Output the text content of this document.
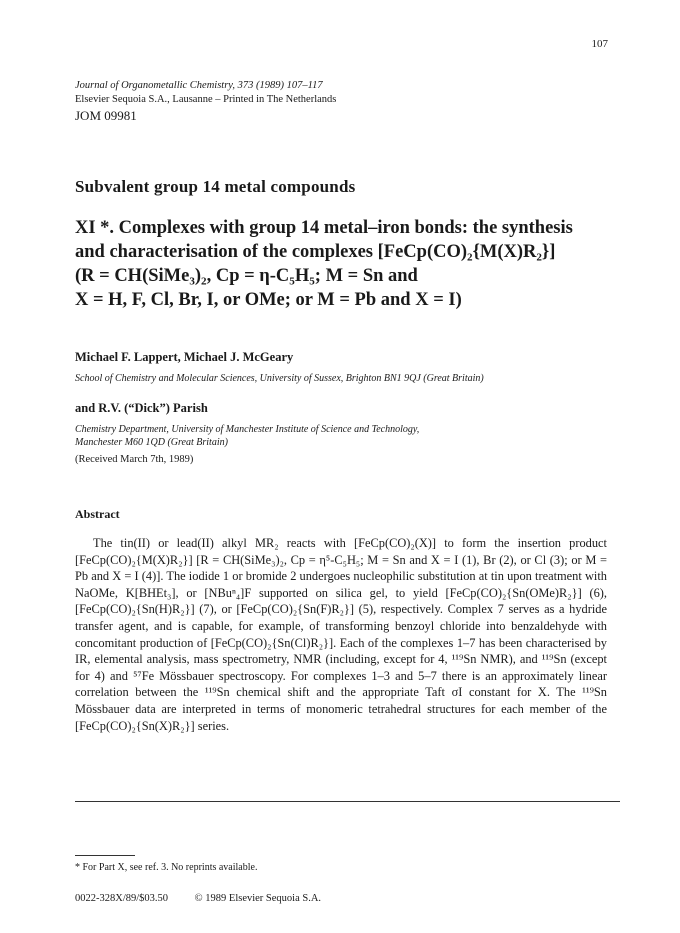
107
Journal of Organometallic Chemistry, 373 (1989) 107–117
Elsevier Sequoia S.A., Lausanne – Printed in The Netherlands
JOM 09981
Subvalent group 14 metal compounds
XI *. Complexes with group 14 metal–iron bonds: the synthesis
and characterisation of the complexes [FeCp(CO)₂{M(X)R₂}]
(R = CH(SiMe₃)₂, Cp = η-C₅H₅; M = Sn and
X = H, F, Cl, Br, I, or OMe; or M = Pb and X = I)
Michael F. Lappert, Michael J. McGeary
School of Chemistry and Molecular Sciences, University of Sussex, Brighton BN1 9QJ (Great Britain)
and R.V. (“Dick”) Parish
Chemistry Department, University of Manchester Institute of Science and Technology,
Manchester M60 1QD (Great Britain)
(Received March 7th, 1989)
Abstract

The tin(II) or lead(II) alkyl MR₂ reacts with [FeCp(CO)₂(X)] to form the insertion product [FeCp(CO)₂{M(X)R₂}] [R = CH(SiMe₃)₂, Cp = η⁵-C₅H₅; M = Sn and X = I (1), Br (2), or Cl (3); or M = Pb and X = I (4)]. The iodide 1 or bromide 2 undergoes nucleophilic substitution at tin upon treatment with NaOMe, K[BHEt₃], or [NBuⁿ₄]F supported on silica gel, to yield [FeCp(CO)₂{Sn(OMe)R₂}] (6), [FeCp(CO)₂{Sn(H)R₂}] (7), or [FeCp(CO)₂{Sn(F)R₂}] (5), respectively. Complex 7 serves as a hydride transfer agent, and is capable, for example, of transforming benzoyl chloride into benzaldehyde with concomitant production of [FeCp(CO)₂{Sn(Cl)R₂}]. Each of the complexes 1–7 has been characterised by IR, elemental analysis, mass spectrometry, NMR (including, except for 4, ¹¹⁹Sn NMR), and ¹¹⁹Sn (except for 4) and ⁵⁷Fe Mössbauer spectroscopy. For complexes 1–3 and 5–7 there is an approximately linear correlation between the ¹¹⁹Sn chemical shift and the appropriate Taft σI constant for X. The ¹¹⁹Sn Mössbauer data are interpreted in terms of monomeric tetrahedral structures for each member of the [FeCp(CO)₂{Sn(X)R₂}] series.

* For Part X, see ref. 3. No reprints available.
0022-328X/89/$03.50	© 1989 Elsevier Sequoia S.A.
